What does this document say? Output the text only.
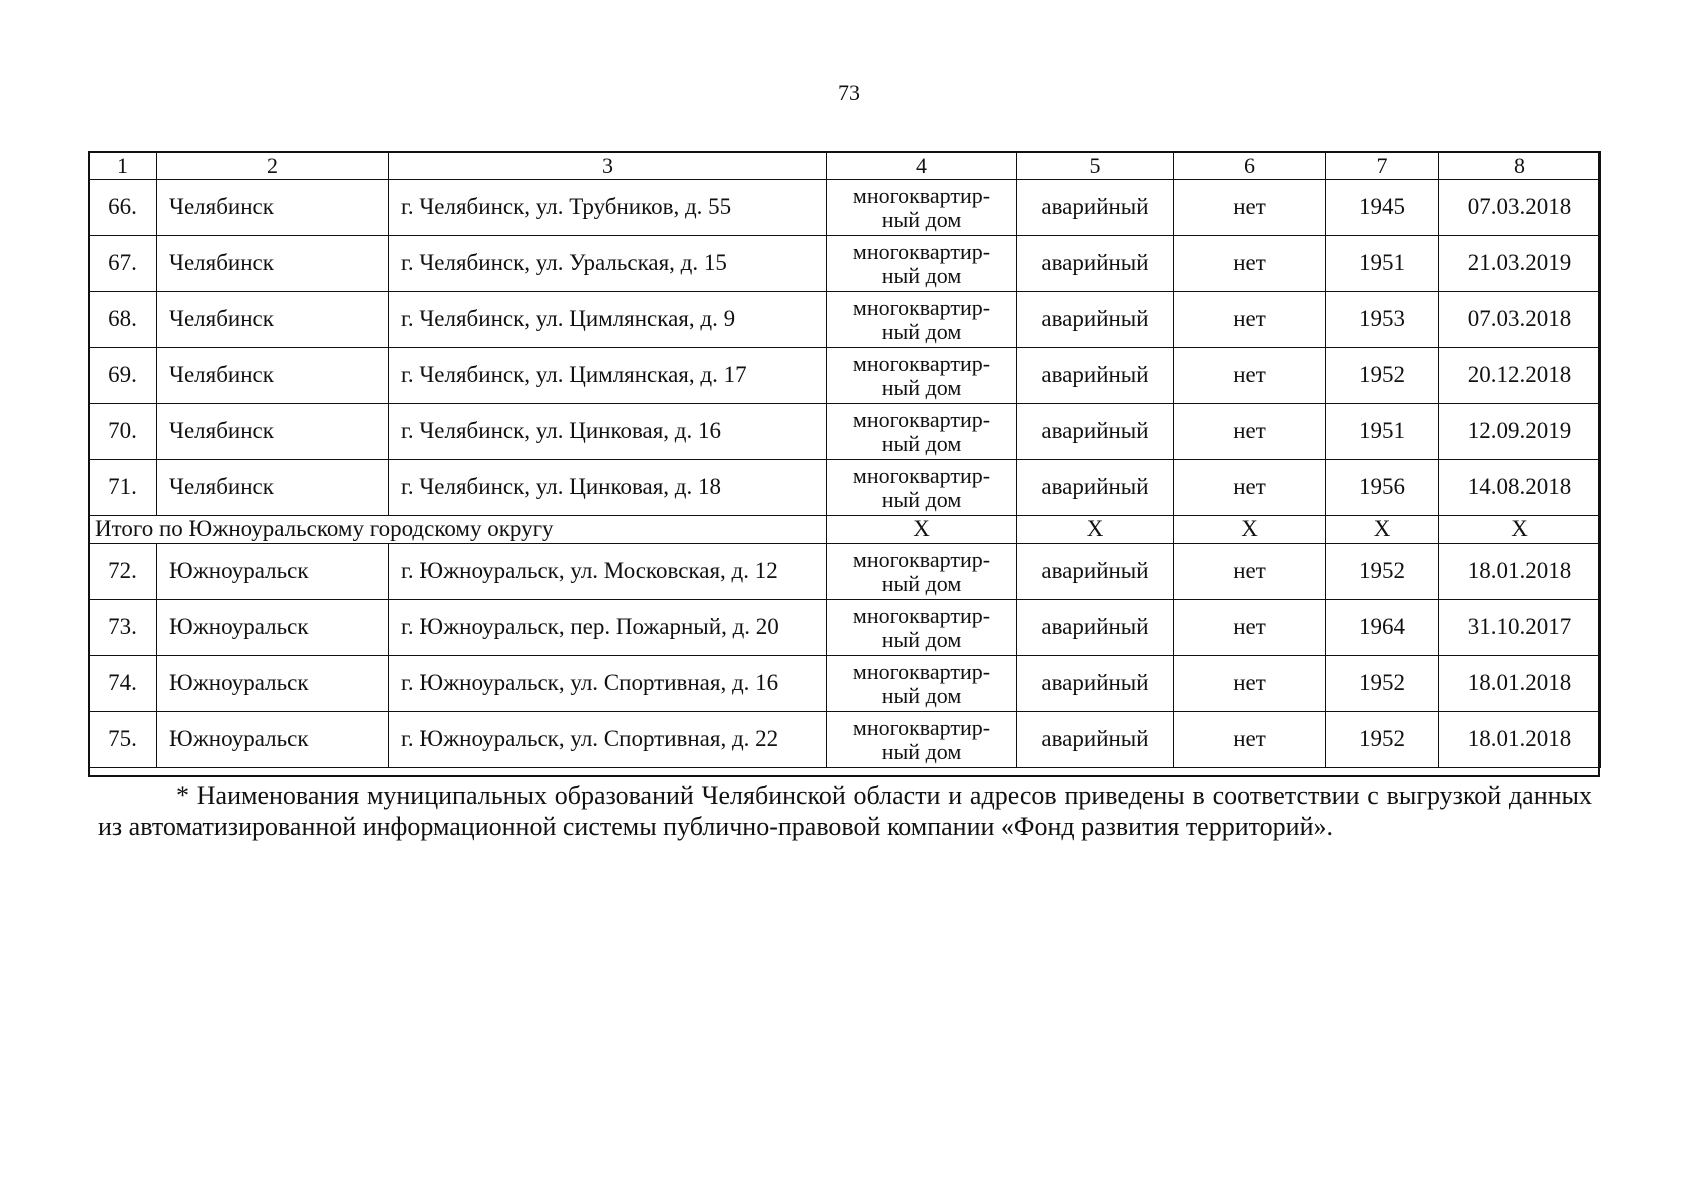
73
1	2	3	4	5	6	7	8
66.	Челябинск	г. Челябинск, ул. Трубников, д. 55	многоквартир-
ный дом	аварийный	нет	1945	07.03.2018
67.	Челябинск	г. Челябинск, ул. Уральская, д. 15	многоквартир-
ный дом	аварийный	нет	1951	21.03.2019
68.	Челябинск	г. Челябинск, ул. Цимлянская, д. 9	многоквартир-
ный дом	аварийный	нет	1953	07.03.2018
69.	Челябинск	г. Челябинск, ул. Цимлянская, д. 17	многоквартир-
ный дом	аварийный	нет	1952	20.12.2018
70.	Челябинск	г. Челябинск, ул. Цинковая, д. 16	многоквартир-
ный дом	аварийный	нет	1951	12.09.2019
71.	Челябинск	г. Челябинск, ул. Цинковая, д. 18	многоквартир-
ный дом	аварийный	нет	1956	14.08.2018
Итого по Южноуральскому городскому округу			Х	Х	Х	Х	Х
72.	Южноуральск	г. Южноуральск, ул. Московская, д. 12	многоквартир-
ный дом	аварийный	нет	1952	18.01.2018
73.	Южноуральск	г. Южноуральск, пер. Пожарный, д. 20	многоквартир-
ный дом	аварийный	нет	1964	31.10.2017
74.	Южноуральск	г. Южноуральск, ул. Спортивная, д. 16	многоквартир-
ный дом	аварийный	нет	1952	18.01.2018
75.	Южноуральск	г. Южноуральск, ул. Спортивная, д. 22	многоквартир-
ный дом	аварийный	нет	1952	18.01.2018
* Наименования муниципальных образований Челябинской области и адресов приведены в соответствии с выгрузкой данных из автоматизированной информационной системы публично-правовой компании «Фонд развития территорий».
